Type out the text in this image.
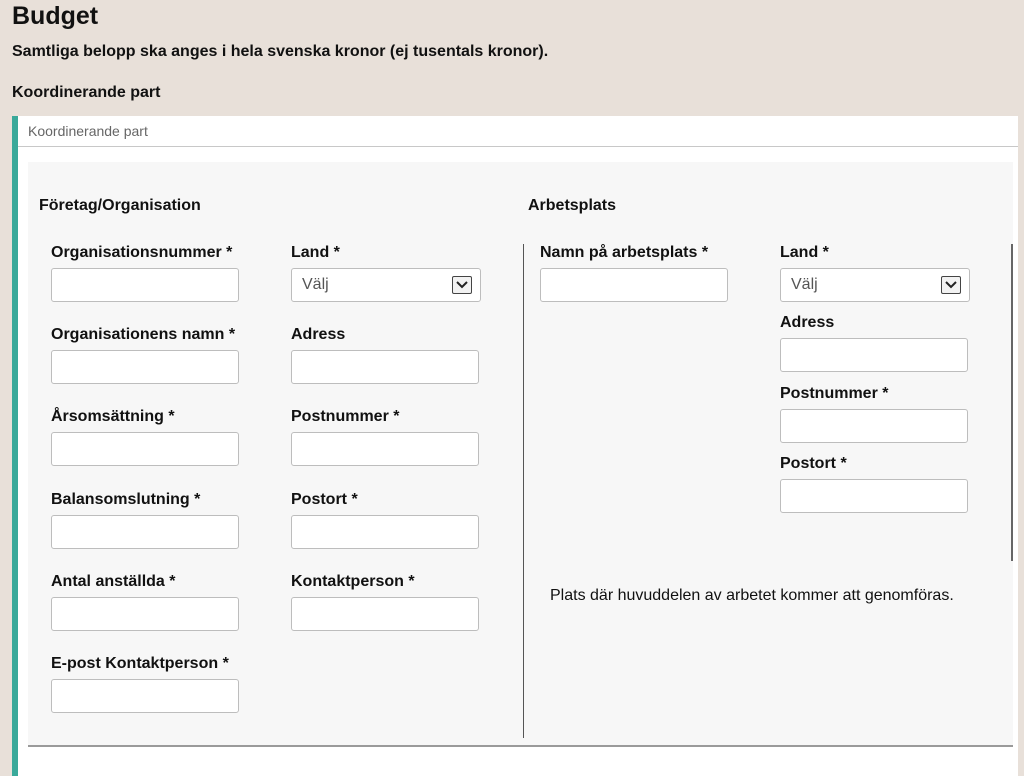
Budget
Samtliga belopp ska anges i hela svenska kronor (ej tusentals kronor).
Koordinerande part
Koordinerande part
Företag/Organisation
Organisationsnummer *
Organisationens namn *
Årsomsättning *
Balansomslutning *
Antal anställda *
E-post Kontaktperson *
Land *
Välj
Adress
Postnummer *
Postort *
Kontaktperson *
Arbetsplats
Namn på arbetsplats *	Land *
Välj
Adress
Postnummer *
Postort *
Plats där huvuddelen av arbetet kommer att genomföras.
